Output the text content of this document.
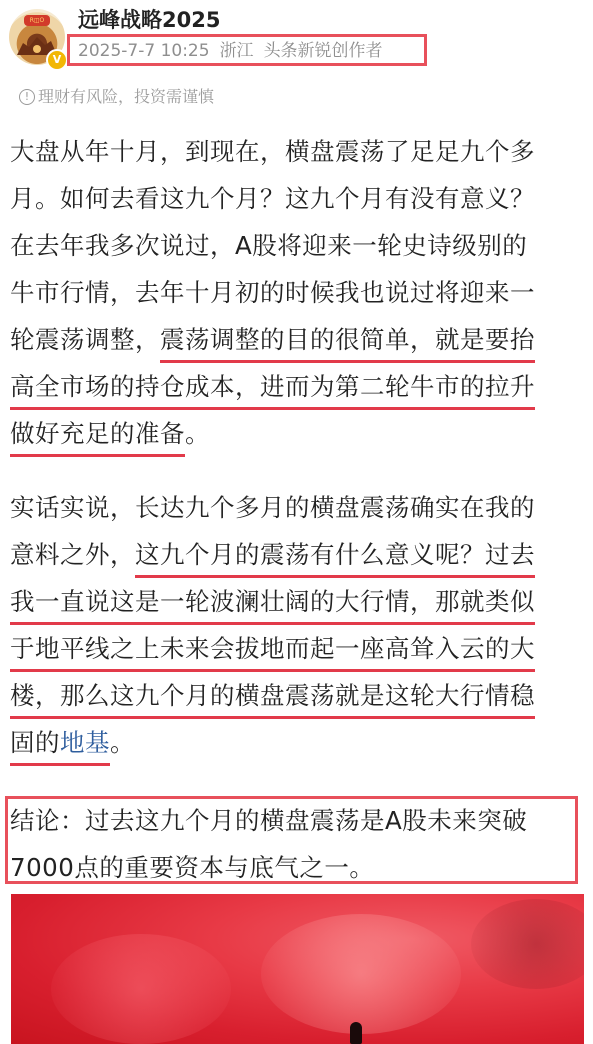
R◫O
V
远峰战略2025
2025-7-7 10:25 浙江 头条新锐创作者
! 理财有风险，投资需谨慎
大盘从年十月，到现在，横盘震荡了足足九个多
月。如何去看这九个月？这九个月有没有意义？
在去年我多次说过，A股将迎来一轮史诗级别的
牛市行情，去年十月初的时候我也说过将迎来一
轮震荡调整，震荡调整的目的很简单，就是要抬
高全市场的持仓成本，进而为第二轮牛市的拉升
做好充足的准备。
实话实说，长达九个多月的横盘震荡确实在我的
意料之外，这九个月的震荡有什么意义呢？过去
我一直说这是一轮波澜壮阔的大行情，那就类似
于地平线之上未来会拔地而起一座高耸入云的大
楼，那么这九个月的横盘震荡就是这轮大行情稳
固的地基。
结论：过去这九个月的横盘震荡是A股未来突破
7000点的重要资本与底气之一。
